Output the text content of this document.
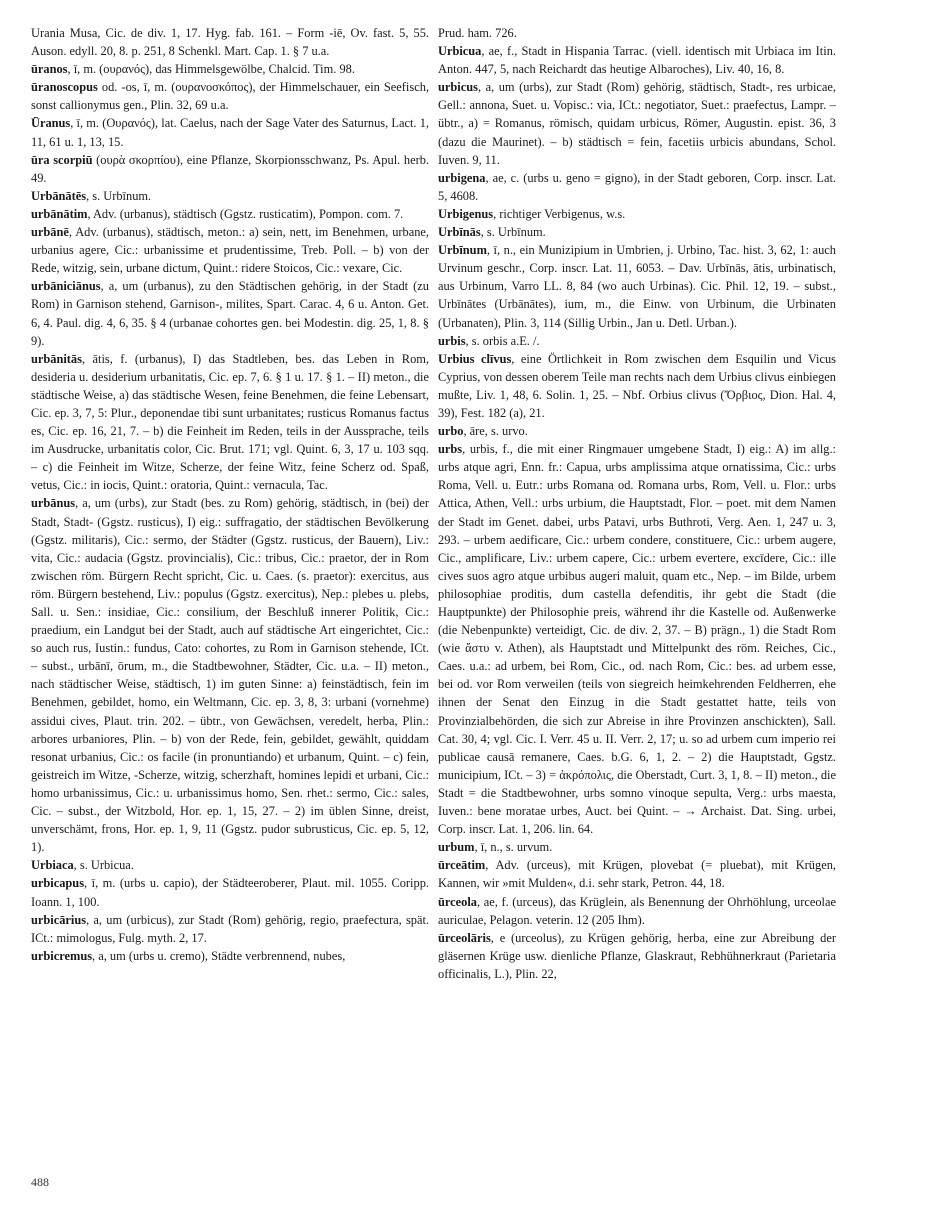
Urania Musa, Cic. de div. 1, 17. Hyg. fab. 161. – Form -iē, Ov. fast. 5, 55. Auson. edyll. 20, 8. p. 251, 8 Schenkl. Mart. Cap. 1. § 7 u.a.

ūranos, ī, m. (ουρανός), das Himmelsgewölbe, Chalcid. Tim. 98.

ūranoscopus od. -os, ī, m. (ουρανοσκόπος), der Himmelschauer, ein Seefisch, sonst callionymus gen., Plin. 32, 69 u.a.

Ūranus, ī, m. (Ουρανός), lat. Caelus, nach der Sage Vater des Saturnus, Lact. 1, 11, 61 u. 1, 13, 15.

ūra scorpiū (ουρὰ σκορπίου), eine Pflanze, Skorpionsschwanz, Ps. Apul. herb. 49.

Urbānātēs, s. Urbīnum.

urbānātim, Adv. (urbanus), städtisch (Ggstz. rusticatim), Pompon. com. 7.

urbānē, Adv. (urbanus), städtisch, meton.: a) sein, nett, im Benehmen, urbane, urbanius agere, Cic.: urbanissime et prudentissime, Treb. Poll. – b) von der Rede, witzig, sein, urbane dictum, Quint.: ridere Stoicos, Cic.: vexare, Cic.

urbāniciānus, a, um (urbanus), zu den Städtischen gehörig, in der Stadt (zu Rom) in Garnison stehend, Garnison-, milites, Spart. Carac. 4, 6 u. Anton. Get. 6, 4. Paul. dig. 4, 6, 35. § 4 (urbanae cohortes gen. bei Modestin. dig. 25, 1, 8. § 9).

urbānitās, ātis, f. (urbanus), I) das Stadtleben, bes. das Leben in Rom, desideria u. desiderium urbanitatis, Cic. ep. 7, 6. § 1 u. 17. § 1. – II) meton., die städtische Weise, a) das städtische Wesen, feine Benehmen, die feine Lebensart, Cic. ep. 3, 7, 5: Plur., deponendae tibi sunt urbanitates; rusticus Romanus factus es, Cic. ep. 16, 21, 7. – b) die Feinheit im Reden, teils in der Aussprache, teils im Ausdrucke, urbanitatis color, Cic. Brut. 171; vgl. Quint. 6, 3, 17 u. 103 sqq. – c) die Feinheit im Witze, Scherze, der feine Witz, feine Scherz od. Spaß, vetus, Cic.: in iocis, Quint.: oratoria, Quint.: vernacula, Tac.

urbānus, a, um (urbs), zur Stadt (bes. zu Rom) gehörig, städtisch, in (bei) der Stadt, Stadt- (Ggstz. rusticus), I) eig.: suffragatio, der städtischen Bevölkerung (Ggstz. militaris), Cic.: sermo, der Städter (Ggstz. rusticus, der Bauern), Liv.: vita, Cic.: audacia (Ggstz. provincialis), Cic.: tribus, Cic.: praetor, der in Rom zwischen röm. Bürgern Recht spricht, Cic. u. Caes. (s. praetor): exercitus, aus röm. Bürgern bestehend, Liv.: populus (Ggstz. exercitus), Nep.: plebes u. plebs, Sall. u. Sen.: insidiae, Cic.: consilium, der Beschluß innerer Politik, Cic.: praedium, ein Landgut bei der Stadt, auch auf städtische Art eingerichtet, Cic.: so auch rus, Iustin.: fundus, Cato: cohortes, zu Rom in Garnison stehende, ICt. – subst., urbānī, ōrum, m., die Stadtbewohner, Städter, Cic. u.a. – II) meton., nach städtischer Weise, städtisch, 1) im guten Sinne: a) feinstädtisch, fein im Benehmen, gebildet, homo, ein Weltmann, Cic. ep. 3, 8, 3: urbani (vornehme) assidui cives, Plaut. trin. 202. – übtr., von Gewächsen, veredelt, herba, Plin.: arbores urbaniores, Plin. – b) von der Rede, fein, gebildet, gewählt, quiddam resonat urbanius, Cic.: os facile (in pronuntiando) et urbanum, Quint. – c) fein, geistreich im Witze, -Scherze, witzig, scherzhaft, homines lepidi et urbani, Cic.: homo urbanissimus, Cic.: u. urbanissimus homo, Sen. rhet.: sermo, Cic.: sales, Cic. – subst., der Witzbold, Hor. ep. 1, 15, 27. – 2) im üblen Sinne, dreist, unverschämt, frons, Hor. ep. 1, 9, 11 (Ggstz. pudor subrusticus, Cic. ep. 5, 12, 1).

Urbiaca, s. Urbicua.

urbicapus, ī, m. (urbs u. capio), der Städteeroberer, Plaut. mil. 1055. Coripp. Ioann. 1, 100.

urbicārius, a, um (urbicus), zur Stadt (Rom) gehörig, regio, praefectura, spät. ICt.: mimologus, Fulg. myth. 2, 17.

urbicremus, a, um (urbs u. cremo), Städte verbrennend, nubes,

Prud. ham. 726.

Urbicua, ae, f., Stadt in Hispania Tarrac. (viell. identisch mit Urbiaca im Itin. Anton. 447, 5, nach Reichardt das heutige Albaroches), Liv. 40, 16, 8.

urbicus, a, um (urbs), zur Stadt (Rom) gehörig, städtisch, Stadt-, res urbicae, Gell.: annona, Suet. u. Vopisc.: via, ICt.: negotiator, Suet.: praefectus, Lampr. – übtr., a) = Romanus, römisch, quidam urbicus, Römer, Augustin. epist. 36, 3 (dazu die Maurinet). – b) städtisch = fein, facetiis urbicis abundans, Schol. Iuven. 9, 11.

urbigena, ae, c. (urbs u. geno = gigno), in der Stadt geboren, Corp. inscr. Lat. 5, 4608.

Urbigenus, richtiger Verbigenus, w.s.

Urbīnās, s. Urbīnum.

Urbīnum, ī, n., ein Munizipium in Umbrien, j. Urbino, Tac. hist. 3, 62, 1: auch Urvinum geschr., Corp. inscr. Lat. 11, 6053. – Dav. Urbīnās, ātis, urbinatisch, aus Urbinum, Varro LL. 8, 84 (wo auch Urbinas). Cic. Phil. 12, 19. – subst., Urbīnātes (Urbānātes), ium, m., die Einw. von Urbinum, die Urbinaten (Urbanaten), Plin. 3, 114 (Sillig Urbin., Jan u. Detl. Urban.).

urbis, s. orbis a.E. /.

Urbius clīvus, eine Örtlichkeit in Rom zwischen dem Esquilin und Vicus Cyprius, von dessen oberem Teile man rechts nach dem Urbius clivus einbiegen mußte, Liv. 1, 48, 6. Solin. 1, 25. – Nbf. Orbius clivus (Ὄρβιος, Dion. Hal. 4, 39), Fest. 182 (a), 21.

urbo, āre, s. urvo.

urbs, urbis, f., die mit einer Ringmauer umgebene Stadt, I) eig.: A) im allg.: urbs atque agri, Enn. fr.: Capua, urbs amplissima atque ornatissima, Cic.: urbs Roma, Vell. u. Eutr.: urbs Romana od. Romana urbs, Rom, Vell. u. Flor.: urbs Attica, Athen, Vell.: urbs urbium, die Hauptstadt, Flor. – poet. mit dem Namen der Stadt im Genet. dabei, urbs Patavi, urbs Buthroti, Verg. Aen. 1, 247 u. 3, 293. – urbem aedificare, Cic.: urbem condere, constituere, Cic.: urbem augere, Cic., amplificare, Liv.: urbem capere, Cic.: urbem evertere, excīdere, Cic.: ille cives suos agro atque urbibus augeri maluit, quam etc., Nep. – im Bilde, urbem philosophiae proditis, dum castella defenditis, ihr gebt die Stadt (die Hauptpunkte) der Philosophie preis, während ihr die Kastelle od. Außenwerke (die Nebenpunkte) verteidigt, Cic. de div. 2, 37. – B) prägn., 1) die Stadt Rom (wie ἄστυ v. Athen), als Hauptstadt und Mittelpunkt des röm. Reiches, Cic., Caes. u.a.: ad urbem, bei Rom, Cic., od. nach Rom, Cic.: bes. ad urbem esse, bei od. vor Rom verweilen (teils von siegreich heimkehrenden Feldherren, ehe ihnen der Senat den Einzug in die Stadt gestattet hatte, teils von Provinzialbehörden, die sich zur Abreise in ihre Provinzen anschickten), Sall. Cat. 30, 4; vgl. Cic. I. Verr. 45 u. II. Verr. 2, 17; u. so ad urbem cum imperio rei publicae causā remanere, Caes. b.G. 6, 1, 2. – 2) die Hauptstadt, Ggstz. municipium, ICt. – 3) = ἀκρόπολις, die Oberstadt, Curt. 3, 1, 8. – II) meton., die Stadt = die Stadtbewohner, urbs somno vinoque sepulta, Verg.: urbs maesta, Iuven.: bene moratae urbes, Auct. bei Quint. – → Archaist. Dat. Sing. urbei, Corp. inscr. Lat. 1, 206. lin. 64.

urbum, ī, n., s. urvum.

ūrceātim, Adv. (urceus), mit Krügen, plovebat (= pluebat), mit Krügen, Kannen, wir »mit Mulden«, d.i. sehr stark, Petron. 44, 18.

ūrceola, ae, f. (urceus), das Krüglein, als Benennung der Ohrhöhlung, urceolae auriculae, Pelagon. veterin. 12 (205 Ihm).

ūrceolāris, e (urceolus), zu Krügen gehörig, herba, eine zur Abreibung der gläsernen Krüge usw. dienliche Pflanze, Glaskraut, Rebhühnerkraut (Parietaria officinalis, L.), Plin. 22,

488
